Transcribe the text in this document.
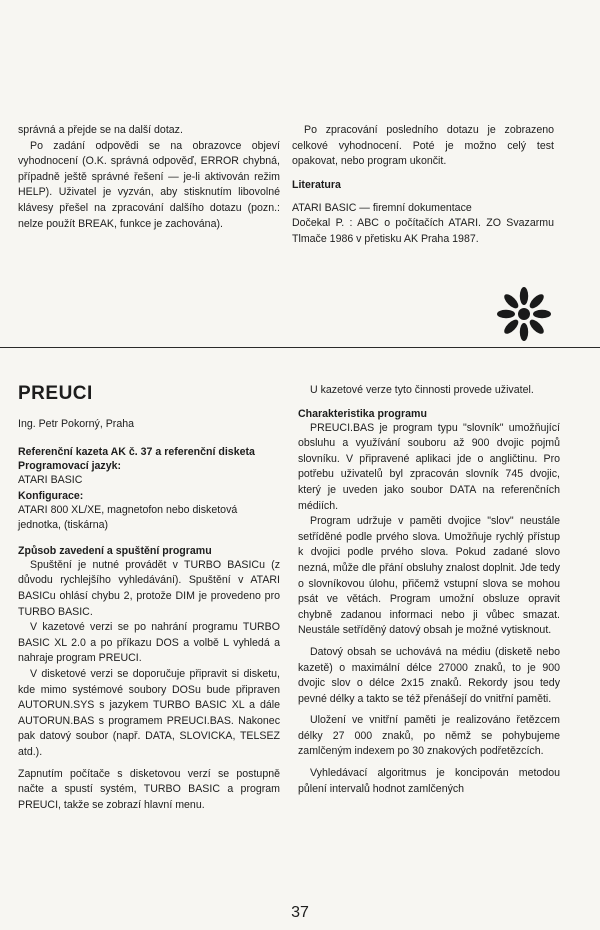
správná a přejde se na další dotaz.

Po zadání odpovědi se na obrazovce objeví vyhodnocení (O.K. správná odpověď, ERROR chybná, případně ještě správné řešení — je-li aktivován režim HELP). Uživatel je vyzván, aby stisknutím libovolné klávesy přešel na zpracování dalšího dotazu (pozn.: nelze použít BREAK, funkce je zachována).

Po zpracování posledního dotazu je zobrazeno celkové vyhodnocení. Poté je možno celý test opakovat, nebo program ukončit.

Literatura

ATARI BASIC — firemní dokumentace

Dočekal P. : ABC o počítačích ATARI. ZO Svazarmu Tlmače 1986 v přetisku AK Praha 1987.

PREUCI

Ing. Petr Pokorný, Praha

Referenční kazeta AK č. 37 a referenční disketa
Programovací jazyk:

ATARI BASIC

Konfigurace:

ATARI 800 XL/XE, magnetofon nebo disketová jednotka, (tiskárna)

Způsob zavedení a spuštění programu

Spuštění je nutné provádět v TURBO BASICu (z důvodu rychlejšího vyhledávání). Spuštění v ATARI BASICu ohlásí chybu 2, protože DIM je provedeno pro TURBO BASIC.

V kazetové verzi se po nahrání programu TURBO BASIC XL 2.0 a po příkazu DOS a volbě L vyhledá a nahraje program PREUCI.

V disketové verzi se doporučuje připravit si disketu, kde mimo systémové soubory DOSu bude připraven AUTORUN.SYS s jazykem TURBO BASIC XL a dále AUTORUN.BAS s programem PREUCI.BAS. Nakonec pak datový soubor (např. DATA, SLOVICKA, TELSEZ atd.).

Zapnutím počítače s disketovou verzí se postupně načte a spustí systém, TURBO BASIC a program PREUCI, takže se zobrazí hlavní menu.

U kazetové verze tyto činnosti provede uživatel.

Charakteristika programu

PREUCI.BAS je program typu "slovník" umožňující obsluhu a využívání souboru až 900 dvojic pojmů slovníku. V připravené aplikaci jde o angličtinu. Pro potřebu uživatelů byl zpracován slovník 745 dvojic, který je uveden jako soubor DATA na referenčních médiích.

Program udržuje v paměti dvojice "slov" neustále setříděné podle prvého slova. Umožňuje rychlý přístup k dvojici podle prvého slova. Pokud zadané slovo nezná, může dle přání obsluhy znalost doplnit. Jde tedy o slovníkovou úlohu, přičemž vstupní slova se mohou psát ve větách. Program umožní obsluze opravit chybně zadanou informaci nebo ji vůbec smazat. Neustále setříděný datový obsah je možné vytisknout.

Datový obsah se uchovává na médiu (disketě nebo kazetě) o maximální délce 27000 znaků, to je 900 dvojic slov o délce 2x15 znaků. Rekordy jsou tedy pevné délky a takto se též přenášejí do vnitřní paměti.

Uložení ve vnitřní paměti je realizováno řetězcem délky 27 000 znaků, po němž se pohybujeme zamlčeným indexem po 30 znakových podřetězcích.

Vyhledávací algoritmus je koncipován metodou půlení intervalů hodnot zamlčených

37
